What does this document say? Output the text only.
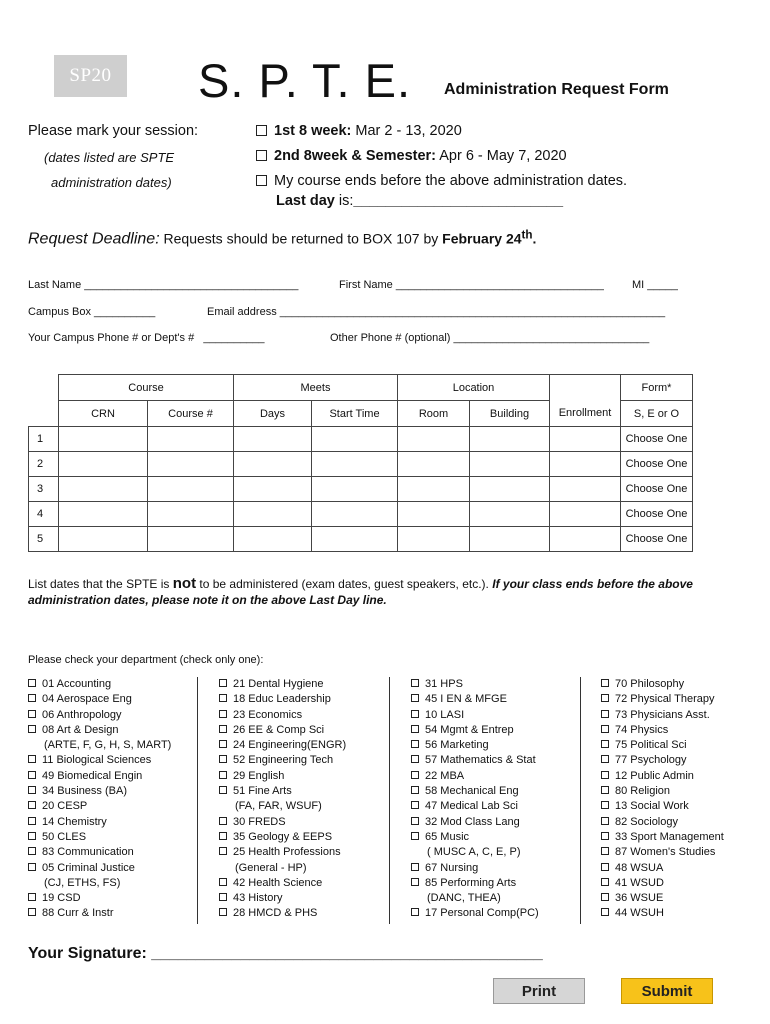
SP20	S. P. T. E. Administration Request Form
Please mark your session:
(dates listed are SPTE
administration dates)
1st 8 week: Mar 2 - 13, 2020
2nd 8week & Semester: Apr 6 - May 7, 2020
My course ends before the above administration dates.
Last day is:__________________________
Request Deadline: Requests should be returned to BOX 107 by February 24th.
Last Name ___________________________________	First Name __________________________________	MI _____
Campus Box __________	Email address _______________________________________________________________
Your Campus Phone # or Dept's # __________	Other Phone # (optional) ________________________________
	Course		Meets		Location			Form*
	CRN	Course #	Days	Start Time	Room	Building	Enrollment	S, E or O
1								Choose One
2								Choose One
3								Choose One
4								Choose One
5								Choose One
List dates that the SPTE is not to be administered (exam dates, guest speakers, etc.). If your class ends before the above administration dates, please note it on the above Last Day line.
Please check your department (check only one):
01 Accounting
04 Aerospace Eng
06 Anthropology
08 Art & Design
(ARTE, F, G, H, S, MART)
11 Biological Sciences
49 Biomedical Engin
34 Business (BA)
20 CESP
14 Chemistry
50 CLES
83 Communication
05 Criminal Justice
(CJ, ETHS, FS)
19 CSD
88 Curr & Instr
21 Dental Hygiene
18 Educ Leadership
23 Economics
26 EE & Comp Sci
24 Engineering(ENGR)
52 Engineering Tech
29 English
51 Fine Arts
(FA, FAR, WSUF)
30 FREDS
35 Geology & EEPS
25 Health Professions
(General - HP)
42 Health Science
43 History
28 HMCD & PHS
31 HPS
45 I EN & MFGE
10 LASI
54 Mgmt & Entrep
56 Marketing
57 Mathematics & Stat
22 MBA
58 Mechanical Eng
47 Medical Lab Sci
32 Mod Class Lang
65 Music
( MUSC A, C, E, P)
67 Nursing
85 Performing Arts
(DANC, THEA)
17 Personal Comp(PC)
70 Philosophy
72 Physical Therapy
73 Physicians Asst.
74 Physics
75 Political Sci
77 Psychology
12 Public Admin
80 Religion
13 Social Work
82 Sociology
33 Sport Management
87 Women's Studies
48 WSUA
41 WSUD
36 WSUE
44 WSUH
Your Signature: ____________________________________________
Print	Submit
